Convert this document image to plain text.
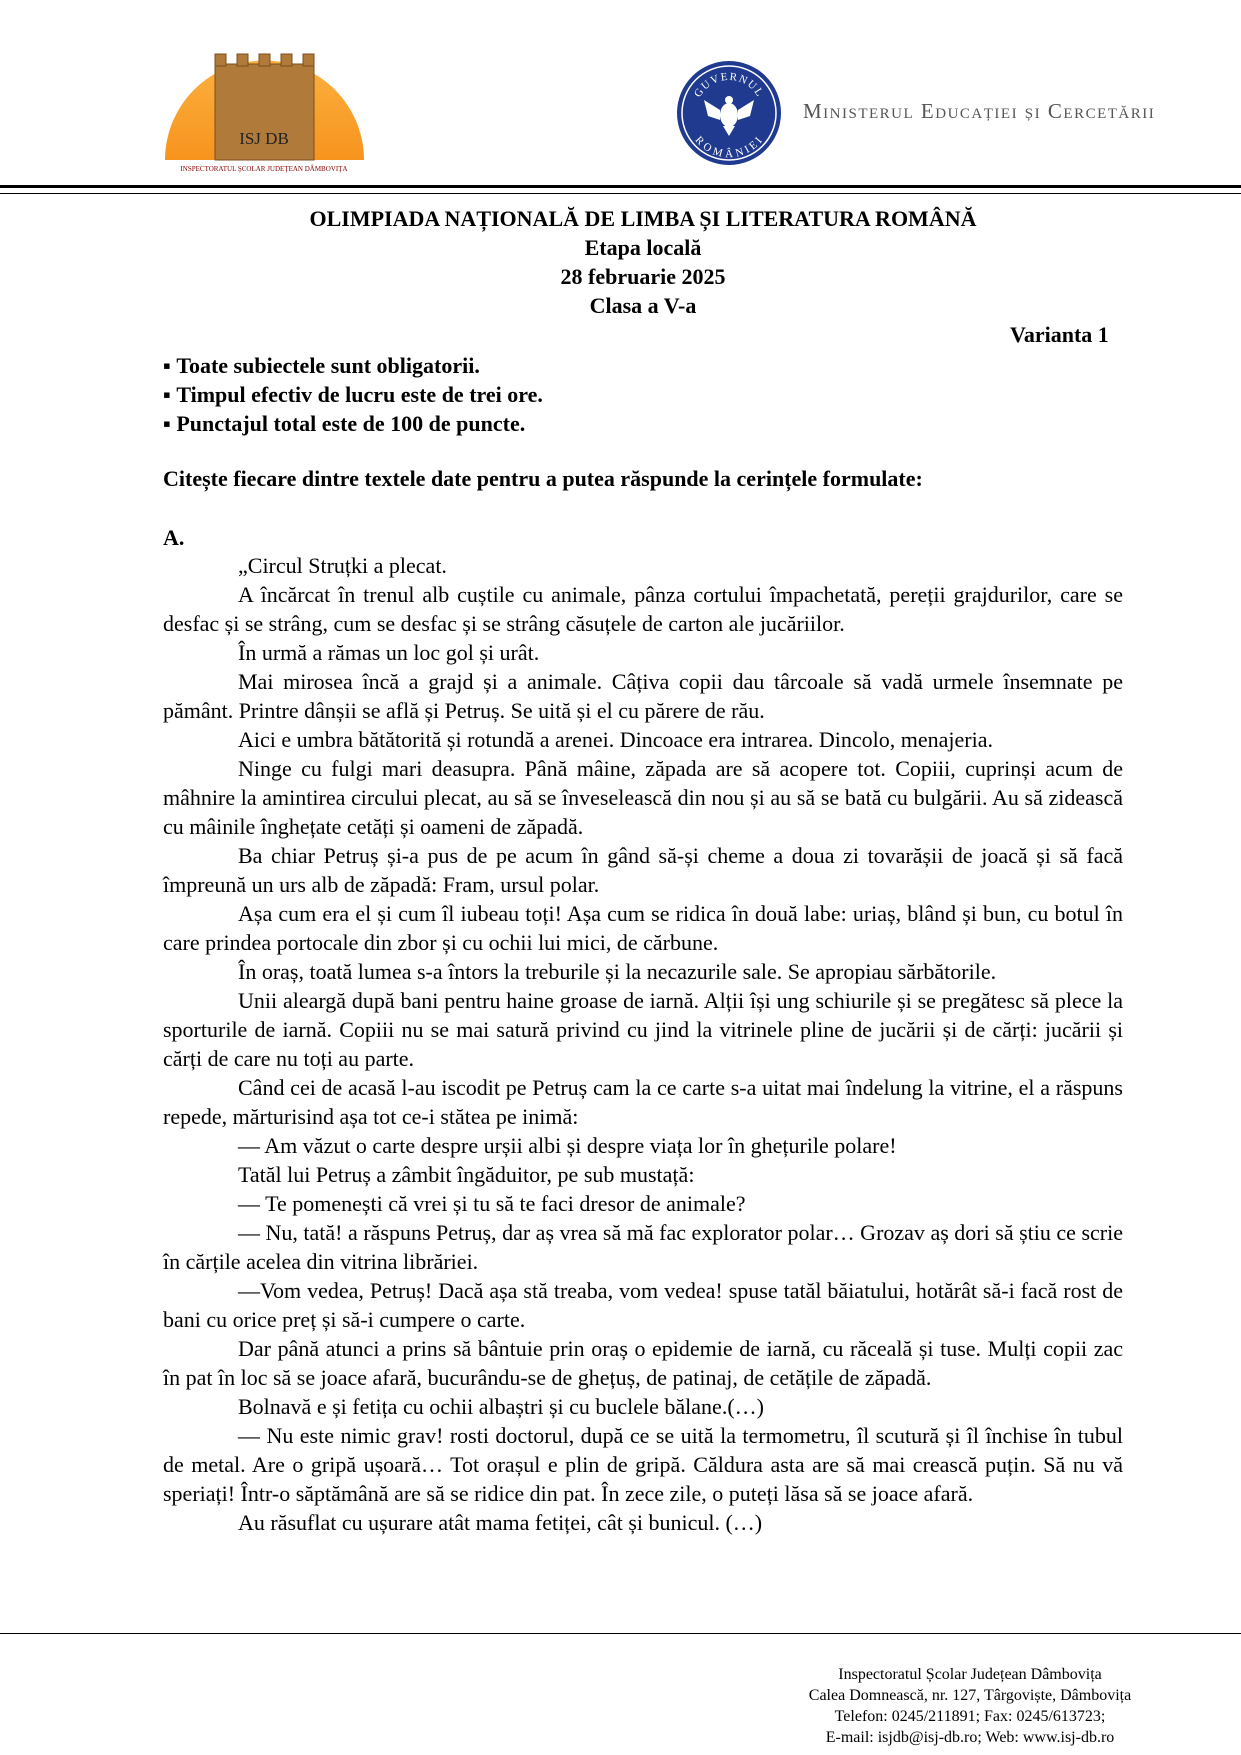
ISJ DB
INSPECTORATUL ŞCOLAR JUDEŢEAN DÂMBOVIŢA
GUVERNUL
ROMÂNIEI
Ministerul Educației și Cercetării
OLIMPIADA NAȚIONALĂ DE LIMBA ȘI LITERATURA ROMÂNĂ
Etapa locală
28 februarie 2025
Clasa a V-a
Varianta 1
▪ Toate subiectele sunt obligatorii.
▪ Timpul efectiv de lucru este de trei ore.
▪ Punctajul total este de 100 de puncte.
Citește fiecare dintre textele date pentru a putea răspunde la cerințele formulate:
A.

„Circul Struțki a plecat.

A încărcat în trenul alb cuștile cu animale, pânza cortului împachetată, pereții grajdurilor, care se desfac și se strâng, cum se desfac și se strâng căsuțele de carton ale jucăriilor.

În urmă a rămas un loc gol și urât.

Mai mirosea încă a grajd și a animale. Câțiva copii dau târcoale să vadă urmele însemnate pe pământ. Printre dânșii se află și Petruș. Se uită și el cu părere de rău.

Aici e umbra bătătorită și rotundă a arenei. Dincoace era intrarea. Dincolo, menajeria.

Ninge cu fulgi mari deasupra. Până mâine, zăpada are să acopere tot. Copiii, cuprinși acum de mâhnire la amintirea circului plecat, au să se înveselească din nou și au să se bată cu bulgării. Au să zidească cu mâinile înghețate cetăți și oameni de zăpadă.

Ba chiar Petruș și-a pus de pe acum în gând să-și cheme a doua zi tovarășii de joacă și să facă împreună un urs alb de zăpadă: Fram, ursul polar.

Așa cum era el și cum îl iubeau toți! Așa cum se ridica în două labe: uriaș, blând și bun, cu botul în care prindea portocale din zbor și cu ochii lui mici, de cărbune.

În oraș, toată lumea s-a întors la treburile și la necazurile sale. Se apropiau sărbătorile.

Unii aleargă după bani pentru haine groase de iarnă. Alții își ung schiurile și se pregătesc să plece la sporturile de iarnă. Copiii nu se mai satură privind cu jind la vitrinele pline de jucării și de cărți: jucării și cărți de care nu toți au parte.

Când cei de acasă l-au iscodit pe Petruș cam la ce carte s-a uitat mai îndelung la vitrine, el a răspuns repede, mărturisind așa tot ce-i stătea pe inimă:

— Am văzut o carte despre urșii albi și despre viața lor în ghețurile polare!

Tatăl lui Petruș a zâmbit îngăduitor, pe sub mustață:

— Te pomenești că vrei și tu să te faci dresor de animale?

— Nu, tată! a răspuns Petruș, dar aș vrea să mă fac explorator polar… Grozav aș dori să știu ce scrie în cărțile acelea din vitrina librăriei.

—Vom vedea, Petruș! Dacă așa stă treaba, vom vedea! spuse tatăl băiatului, hotărât să-i facă rost de bani cu orice preț și să-i cumpere o carte.

Dar până atunci a prins să bântuie prin oraș o epidemie de iarnă, cu răceală și tuse. Mulți copii zac în pat în loc să se joace afară, bucurându-se de ghețuș, de patinaj, de cetățile de zăpadă.

Bolnavă e și fetița cu ochii albaștri și cu buclele bălane.(…)

— Nu este nimic grav! rosti doctorul, după ce se uită la termometru, îl scutură și îl închise în tubul de metal. Are o gripă ușoară… Tot orașul e plin de gripă. Căldura asta are să mai crească puțin. Să nu vă speriați! Într-o săptămână are să se ridice din pat. În zece zile, o puteți lăsa să se joace afară.

Au răsuflat cu ușurare atât mama fetiței, cât și bunicul. (…)

Inspectoratul Școlar Județean Dâmbovița
Calea Domnească, nr. 127, Târgoviște, Dâmbovița
Telefon: 0245/211891; Fax: 0245/613723;
E-mail: isjdb@isj-db.ro; Web: www.isj-db.ro
